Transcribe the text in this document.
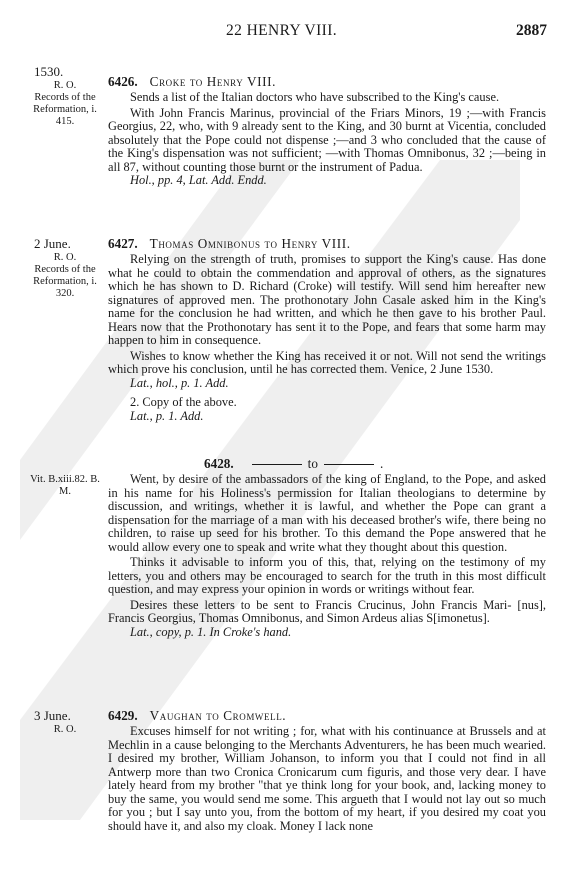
22 HENRY VIII.	2887
1530.
R. O.
Records of the Reformation, i. 415.
6426. Croke to Henry VIII.

Sends a list of the Italian doctors who have subscribed to the King's cause.

With John Francis Marinus, provincial of the Friars Minors, 19 ;—with Francis Georgius, 22, who, with 9 already sent to the King, and 30 burnt at Vicentia, concluded absolutely that the Pope could not dispense ;—and 3 who concluded that the cause of the King's dispensation was not sufficient; —with Thomas Omnibonus, 32 ;—being in all 87, without counting those burnt or the instrument of Padua.

Hol., pp. 4, Lat. Add. Endd.
2 June.
R. O.
Records of the Reformation, i. 320.
6427. Thomas Omnibonus to Henry VIII.

Relying on the strength of truth, promises to support the King's cause. Has done what he could to obtain the commendation and approval of others, as the signatures which he has shown to D. Richard (Croke) will testify. Will send him hereafter new signatures of approved men. The prothonotary John Casale asked him in the King's name for the conclusion he had written, and which he then gave to his brother Paul. Hears now that the Prothonotary has sent it to the Pope, and fears that some harm may happen to him in consequence.

Wishes to know whether the King has received it or not. Will not send the writings which prove his conclusion, until he has corrected them. Venice, 2 June 1530.

Lat., hol., p. 1. Add.

2. Copy of the above.

Lat., p. 1. Add.
Vit. B.xiii.82. B. M.
6428.	to	.

Went, by desire of the ambassadors of the king of England, to the Pope, and asked in his name for his Holiness's permission for Italian theologians to determine by discussion, and writings, whether it is lawful, and whether the Pope can grant a dispensation for the marriage of a man with his deceased brother's wife, there being no children, to raise up seed for his brother. To this demand the Pope answered that he would allow every one to speak and write what they thought about this question.

Thinks it advisable to inform you of this, that, relying on the testimony of my letters, you and others may be encouraged to search for the truth in this most difficult question, and may express your opinion in words or writings without fear.

Desires these letters to be sent to Francis Crucinus, John Francis Mari- [nus], Francis Georgius, Thomas Omnibonus, and Simon Ardeus alias S[imonetus].

Lat., copy, p. 1. In Croke's hand.
3 June.
R. O.
6429. Vaughan to Cromwell.

Excuses himself for not writing ; for, what with his continuance at Brussels and at Mechlin in a cause belonging to the Merchants Adventurers, he has been much wearied. I desired my brother, William Johanson, to inform you that I could not find in all Antwerp more than two Cronica Cronicarum cum figuris, and those very dear. I have lately heard from my brother "that ye think long for your book, and, lacking money to buy the same, you would send me some. This argueth that I would not lay out so much for you ; but I say unto you, from the bottom of my heart, if you desired my coat you should have it, and also my cloak. Money I lack none
